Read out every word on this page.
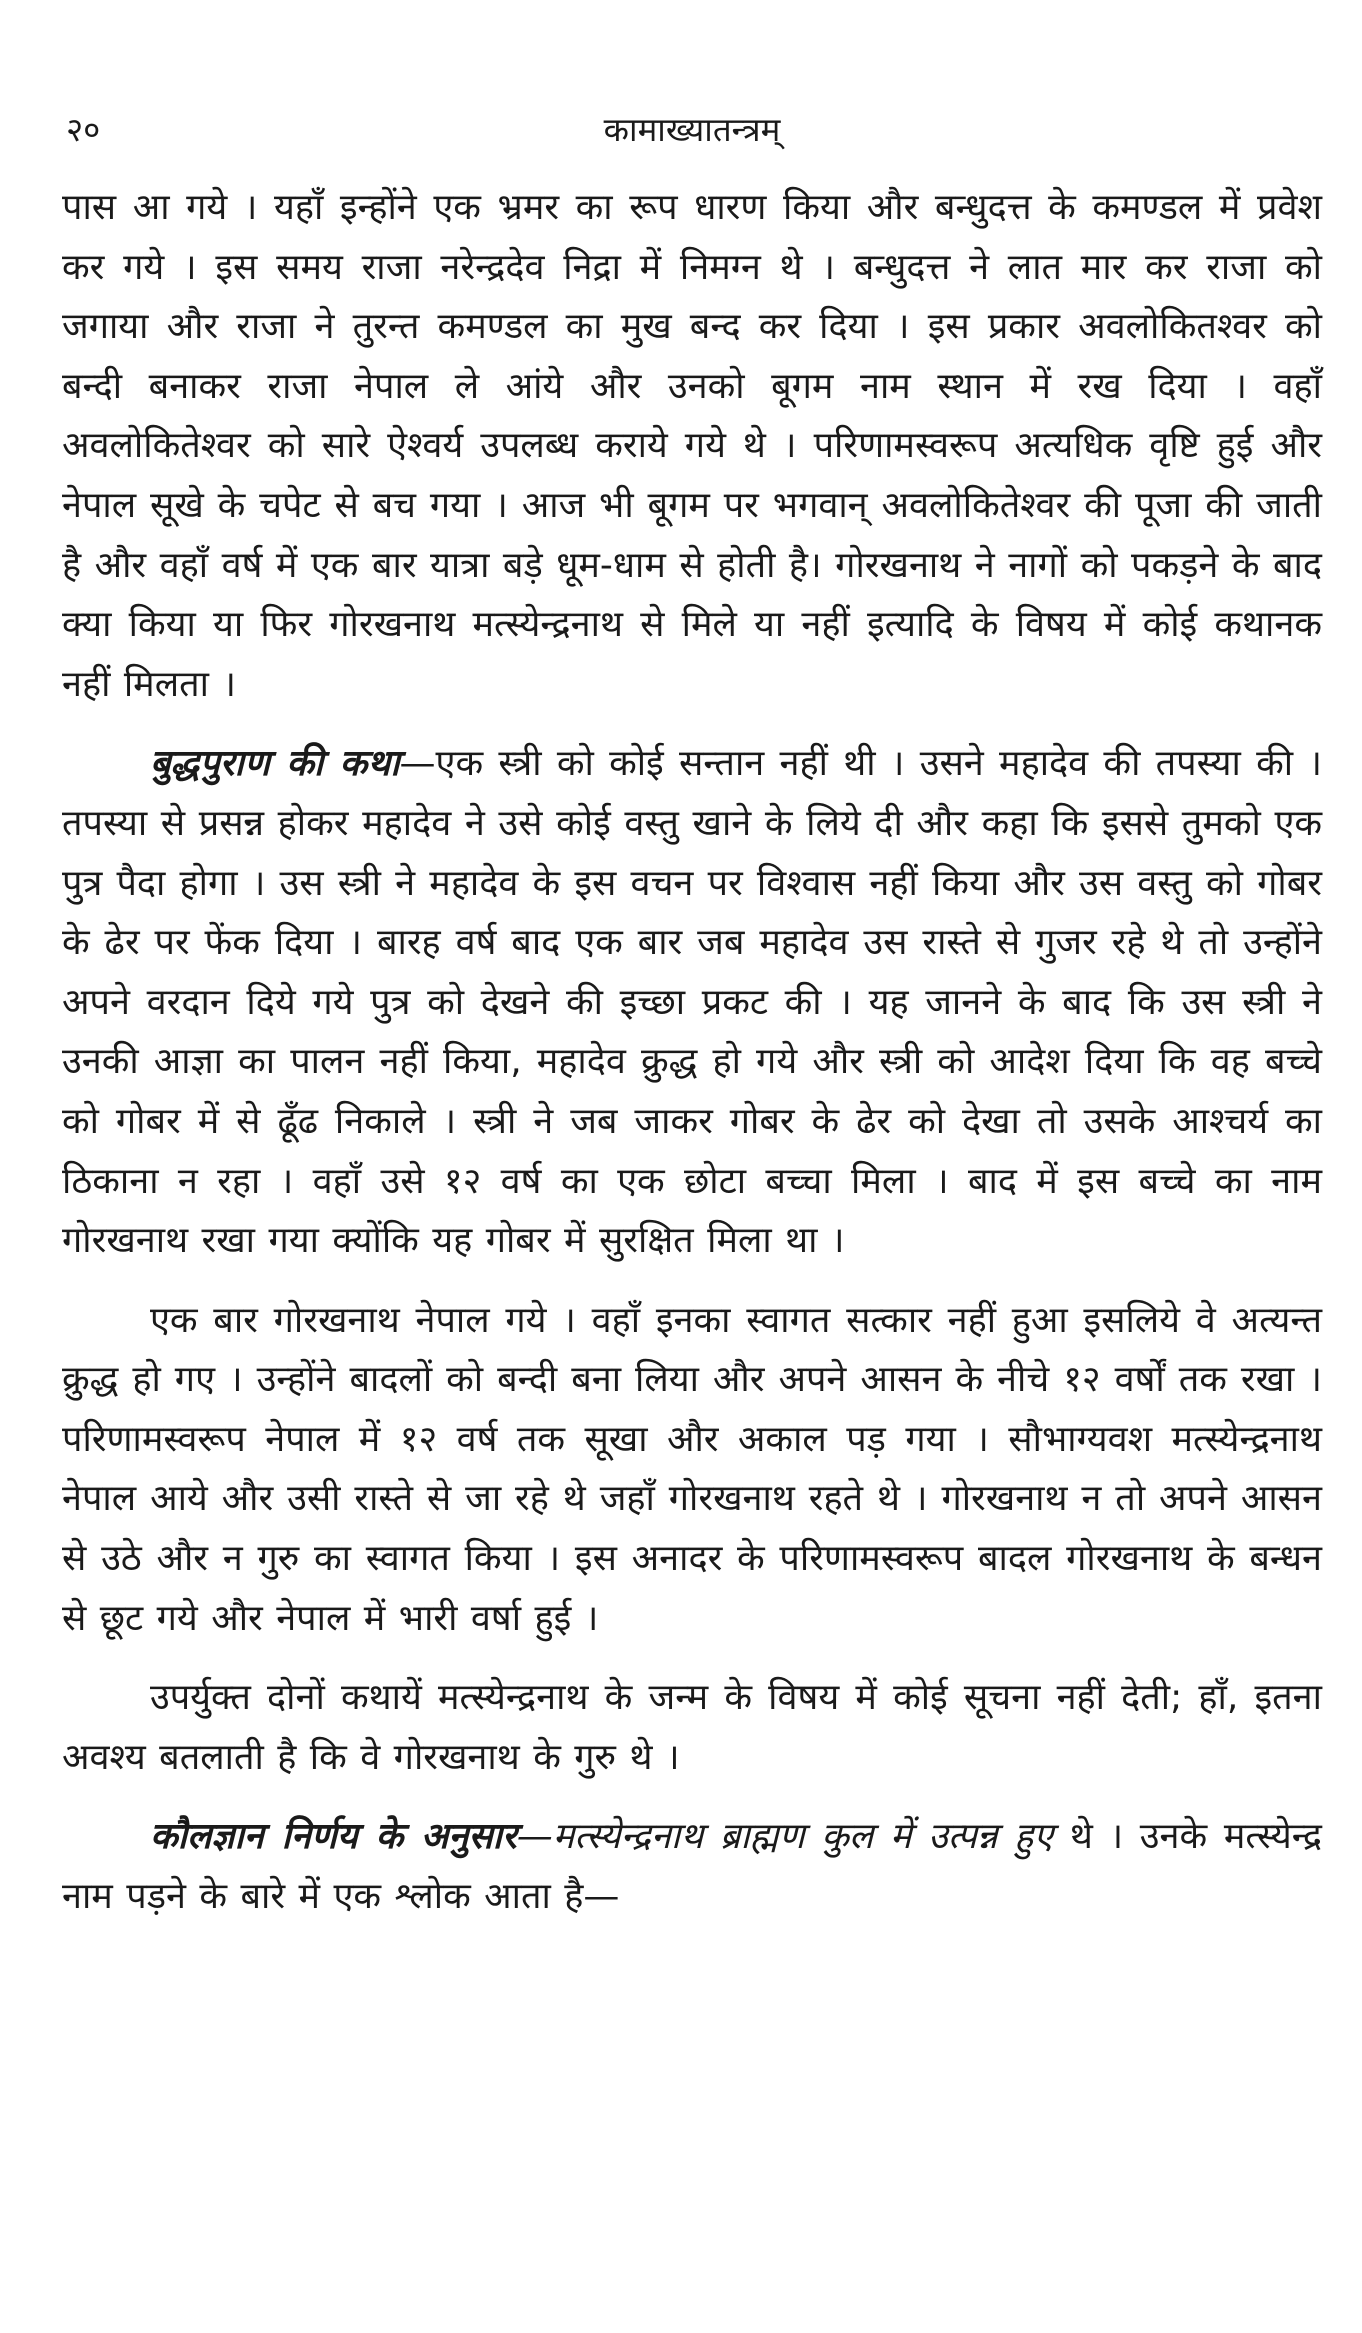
२०	कामाख्यातन्त्रम्

पास आ गये । यहाँ इन्होंने एक भ्रमर का रूप धारण किया और बन्धुदत्त के कमण्डल में प्रवेश कर गये । इस समय राजा नरेन्द्रदेव निद्रा में निमग्न थे । बन्धुदत्त ने लात मार कर राजा को जगाया और राजा ने तुरन्त कमण्डल का मुख बन्द कर दिया । इस प्रकार अवलोकितश्वर को बन्दी बनाकर राजा नेपाल ले आंये और उनको बूगम नाम स्थान में रख दिया । वहाँ अवलोकितेश्वर को सारे ऐश्वर्य उपलब्ध कराये गये थे । परिणामस्वरूप अत्यधिक वृष्टि हुई और नेपाल सूखे के चपेट से बच गया । आज भी बूगम पर भगवान् अवलोकितेश्वर की पूजा की जाती है और वहाँ वर्ष में एक बार यात्रा बड़े धूम-धाम से होती है। गोरखनाथ ने नागों को पकड़ने के बाद क्या किया या फिर गोरखनाथ मत्स्येन्द्रनाथ से मिले या नहीं इत्यादि के विषय में कोई कथानक नहीं मिलता ।

बुद्धपुराण की कथा—एक स्त्री को कोई सन्तान नहीं थी । उसने महादेव की तपस्या की । तपस्या से प्रसन्न होकर महादेव ने उसे कोई वस्तु खाने के लिये दी और कहा कि इससे तुमको एक पुत्र पैदा होगा । उस स्त्री ने महादेव के इस वचन पर विश्वास नहीं किया और उस वस्तु को गोबर के ढेर पर फेंक दिया । बारह वर्ष बाद एक बार जब महादेव उस रास्ते से गुजर रहे थे तो उन्होंने अपने वरदान दिये गये पुत्र को देखने की इच्छा प्रकट की । यह जानने के बाद कि उस स्त्री ने उनकी आज्ञा का पालन नहीं किया, महादेव क्रुद्ध हो गये और स्त्री को आदेश दिया कि वह बच्चे को गोबर में से ढूँढ निकाले । स्त्री ने जब जाकर गोबर के ढेर को देखा तो उसके आश्चर्य का ठिकाना न रहा । वहाँ उसे १२ वर्ष का एक छोटा बच्चा मिला । बाद में इस बच्चे का नाम गोरखनाथ रखा गया क्योंकि यह गोबर में सुरक्षित मिला था ।

एक बार गोरखनाथ नेपाल गये । वहाँ इनका स्वागत सत्कार नहीं हुआ इसलिये वे अत्यन्त क्रुद्ध हो गए । उन्होंने बादलों को बन्दी बना लिया और अपने आसन के नीचे १२ वर्षों तक रखा । परिणामस्वरूप नेपाल में १२ वर्ष तक सूखा और अकाल पड़ गया । सौभाग्यवश मत्स्येन्द्रनाथ नेपाल आये और उसी रास्ते से जा रहे थे जहाँ गोरखनाथ रहते थे । गोरखनाथ न तो अपने आसन से उठे और न गुरु का स्वागत किया । इस अनादर के परिणामस्वरूप बादल गोरखनाथ के बन्धन से छूट गये और नेपाल में भारी वर्षा हुई ।

उपर्युक्त दोनों कथायें मत्स्येन्द्रनाथ के जन्म के विषय में कोई सूचना नहीं देती; हाँ, इतना अवश्य बतलाती है कि वे गोरखनाथ के गुरु थे ।

कौलज्ञान निर्णय के अनुसार—मत्स्येन्द्रनाथ ब्राह्मण कुल में उत्पन्न हुए थे । उनके मत्स्येन्द्र नाम पड़ने के बारे में एक श्लोक आता है—
